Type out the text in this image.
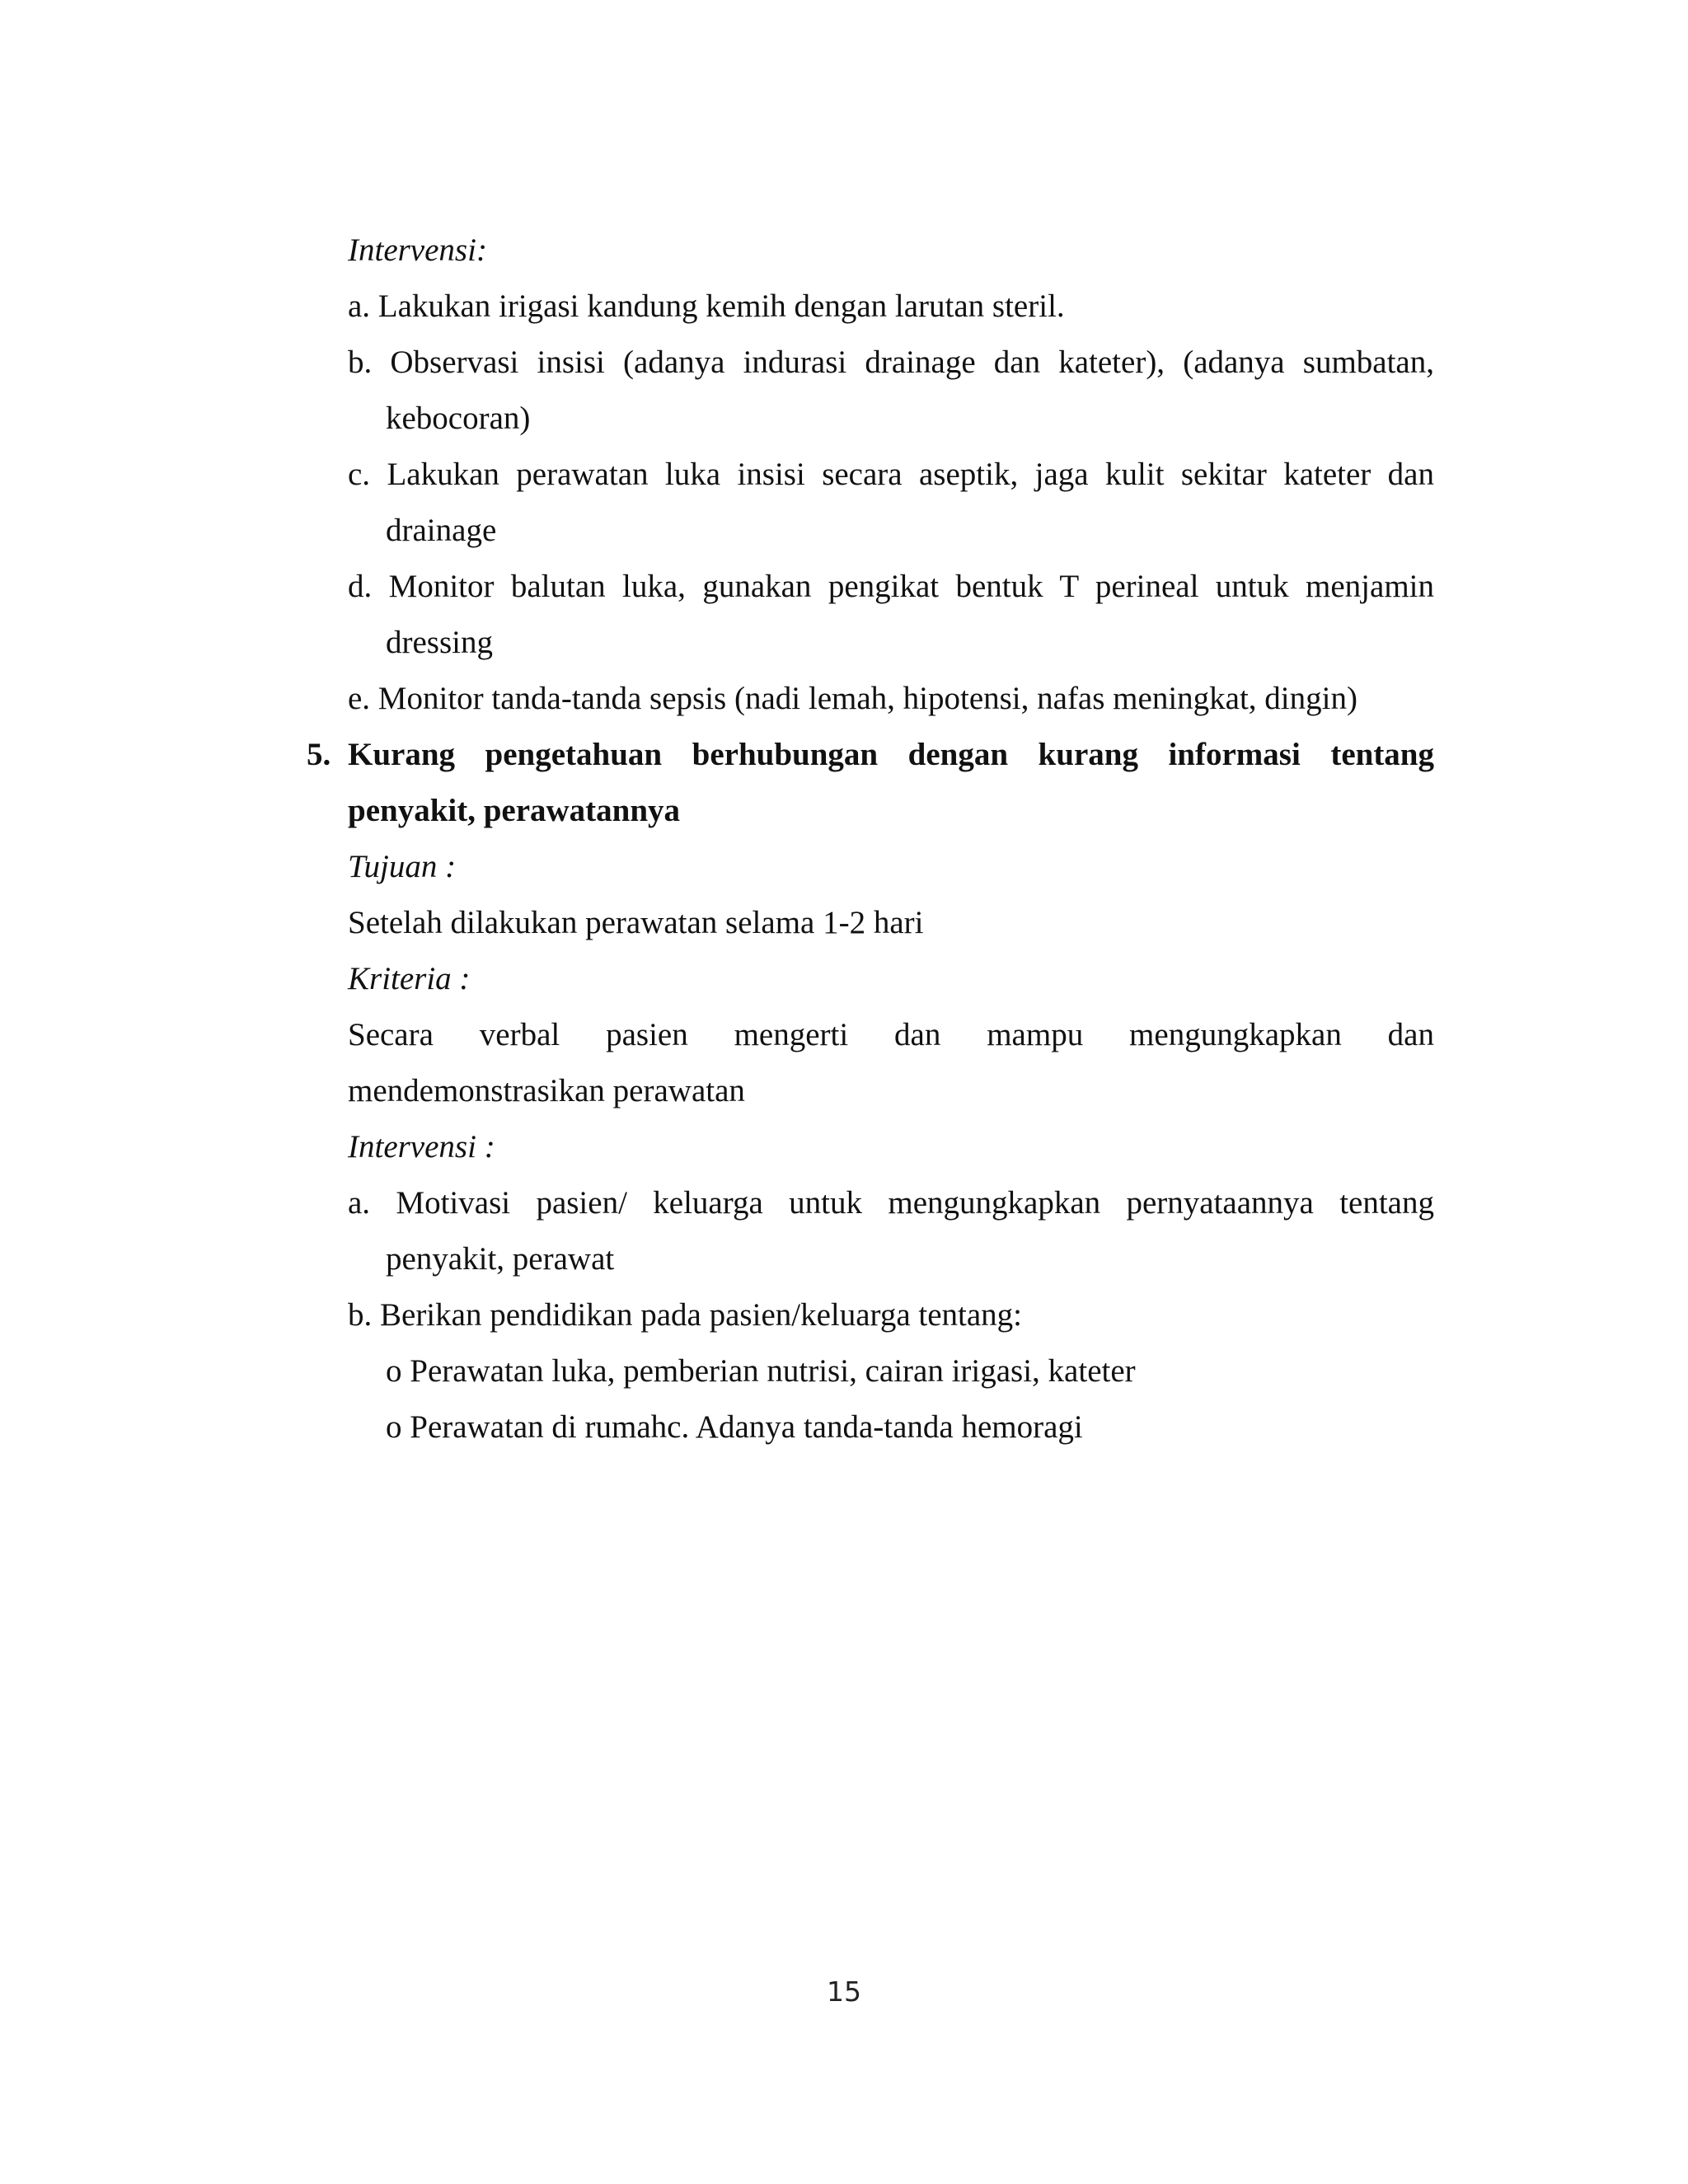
Intervensi:
a. Lakukan irigasi kandung kemih dengan larutan steril.
b. Observasi insisi (adanya indurasi drainage dan kateter), (adanya sumbatan,
kebocoran)
c. Lakukan perawatan luka insisi secara aseptik, jaga kulit sekitar kateter dan
drainage
d. Monitor balutan luka, gunakan pengikat bentuk T perineal untuk menjamin
dressing
e. Monitor tanda-tanda sepsis (nadi lemah, hipotensi, nafas meningkat, dingin)
5. Kurang pengetahuan berhubungan dengan kurang informasi tentang
penyakit, perawatannya
Tujuan :
Setelah dilakukan perawatan selama 1-2 hari
Kriteria :
Secara verbal pasien mengerti dan mampu mengungkapkan dan
mendemonstrasikan perawatan
Intervensi :
a. Motivasi pasien/ keluarga untuk mengungkapkan pernyataannya tentang
penyakit, perawat
b. Berikan pendidikan pada pasien/keluarga tentang:
o Perawatan luka, pemberian nutrisi, cairan irigasi, kateter
o Perawatan di rumahc. Adanya tanda-tanda hemoragi
15
